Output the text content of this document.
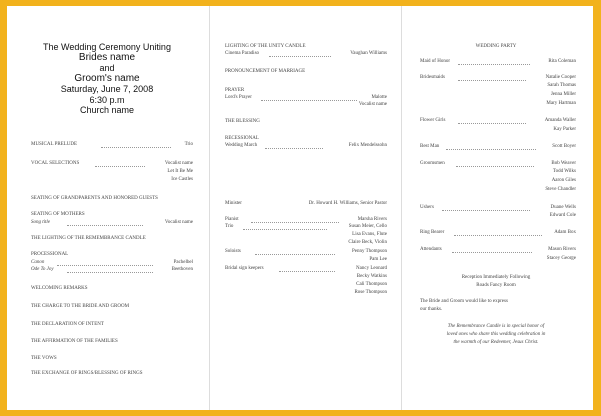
The Wedding Ceremony Uniting
Brides name
and
Groom's name
Saturday, June 7, 2008
6:30 p.m
Church name
MUSICAL PRELUDE	Trio
VOCAL SELECTIONS	Vocalist name
Let It Be Me
Ice Castles
SEATING OF GRANDPARENTS AND HONORED GUESTS
SEATING OF MOTHERS
Song title	Vocalist name
THE LIGHTING OF THE REMEMBRANCE CANDLE
PROCESSIONAL
Canon	Pachelbel
Ode To Joy	Beethoven
WELCOMING REMARKS
THE CHARGE TO THE BRIDE AND GROOM
THE DECLARATION OF INTENT
THE AFFIRMATION OF THE FAMILIES
THE VOWS
THE EXCHANGE OF RINGS/BLESSING OF RINGS
LIGHTING OF THE UNITY CANDLE
Cinema Paradiso	Vaughan Williams
PRONOUNCEMENT OF MARRIAGE
PRAYER
Lord's Prayer	Malotte
Vocalist name
THE BLESSING
RECESSIONAL
Wedding March	Felix Mendelssohn
Minister	Dr. Howard H. Williams, Senior Pastor
Pianist	Marsha Rivers
Trio	Susan Meier, Cello
Lisa Evans, Flute
Claire Beck, Violin
Soloists	Penny Thompson
Pam Lee
Bridal sign keepers	Nancy Leonard
Becky Watkins
Cali Thompson
Rose Thompson
WEDDING PARTY
Maid of Honor	Rita Coleman
Bridesmaids	Natalie Cooper
Sarah Thomas
Jenna Miller
Mary Hartman
Flower Girls	Amanda Waller
Kay Parker
Best Man	Scott Boyer
Groomsmen	Bob Weaver
Todd Wilks
Aaron Giles
Steve Chandler
Ushers	Duane Wells
Edward Cole
Ring Bearer	Adam Box
Attendants	Mason Rivers
Stacey George
Reception Immediately Following
Roads Fancy Room
The Bride and Groom would like to express
our thanks.
The Remembrance Candle is in special honor of
loved ones who share this wedding celebration in
the warmth of our Redeemer, Jesus Christ.
